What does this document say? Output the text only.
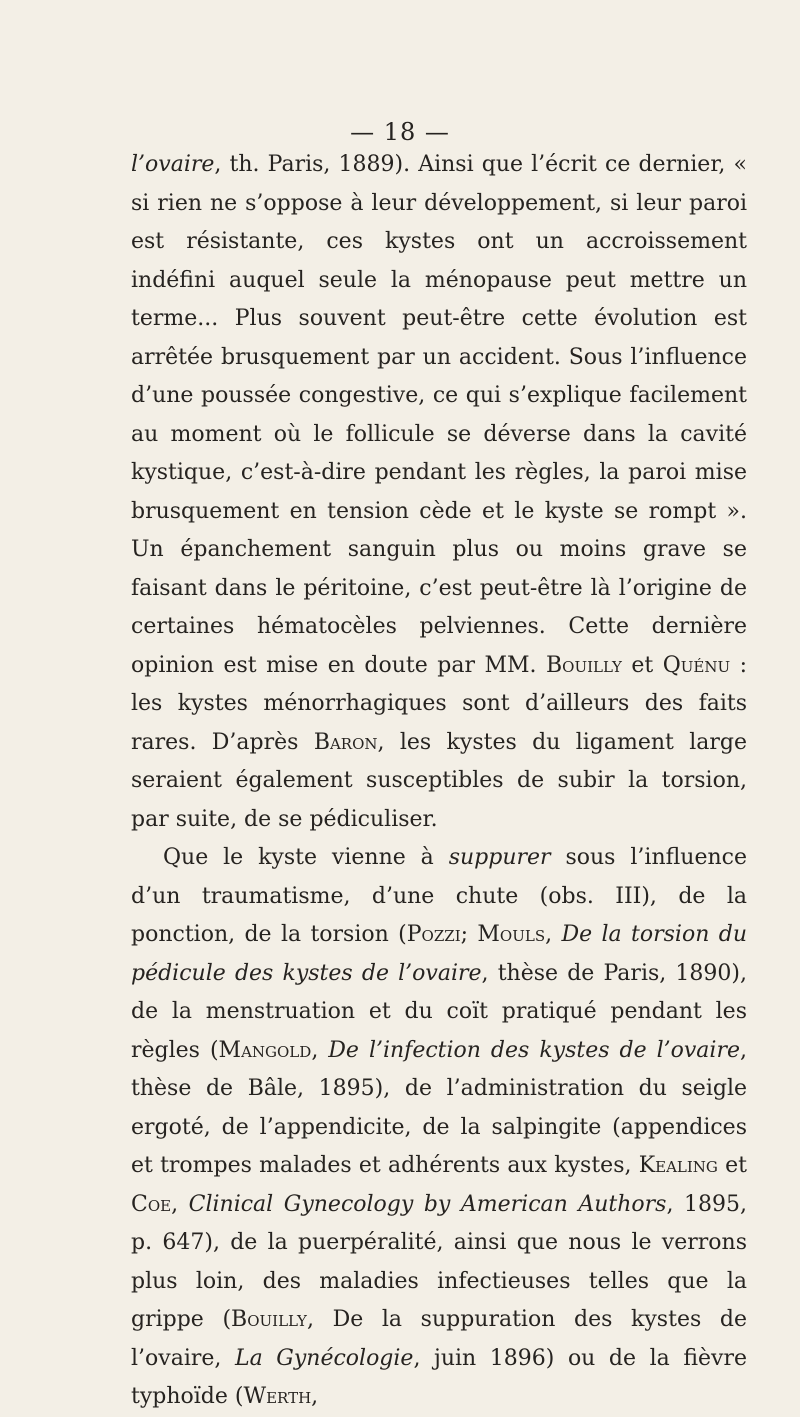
— 18 —

l’ovaire, th. Paris, 1889). Ainsi que l’écrit ce dernier, « si rien ne s’oppose à leur développement, si leur paroi est résistante, ces kystes ont un accroissement indéfini auquel seule la ménopause peut mettre un terme... Plus souvent peut-être cette évolution est arrêtée brusquement par un accident. Sous l’influence d’une poussée congestive, ce qui s’explique facilement au moment où le follicule se déverse dans la cavité kystique, c’est-à-dire pendant les règles, la paroi mise brusquement en tension cède et le kyste se rompt ». Un épanchement sanguin plus ou moins grave se faisant dans le péritoine, c’est peut-être là l’origine de certaines hématocèles pelviennes. Cette dernière opinion est mise en doute par MM. Bouilly et Quénu : les kystes ménorrhagiques sont d’ailleurs des faits rares. D’après Baron, les kystes du ligament large seraient également susceptibles de subir la torsion, par suite, de se pédiculiser.

Que le kyste vienne à suppurer sous l’influence d’un traumatisme, d’une chute (obs. III), de la ponction, de la torsion (Pozzi; Mouls, De la torsion du pédicule des kystes de l’ovaire, thèse de Paris, 1890), de la menstruation et du coït pratiqué pendant les règles (Mangold, De l’infection des kystes de l’ovaire, thèse de Bâle, 1895), de l’administration du seigle ergoté, de l’appendicite, de la salpingite (appendices et trompes malades et adhérents aux kystes, Kealing et Coe, Clinical Gynecology by American Authors, 1895, p. 647), de la puerpéralité, ainsi que nous le verrons plus loin, des maladies infectieuses telles que la grippe (Bouilly, De la suppuration des kystes de l’ovaire, La Gynécologie, juin 1896) ou de la fièvre typhoïde (Werth,
